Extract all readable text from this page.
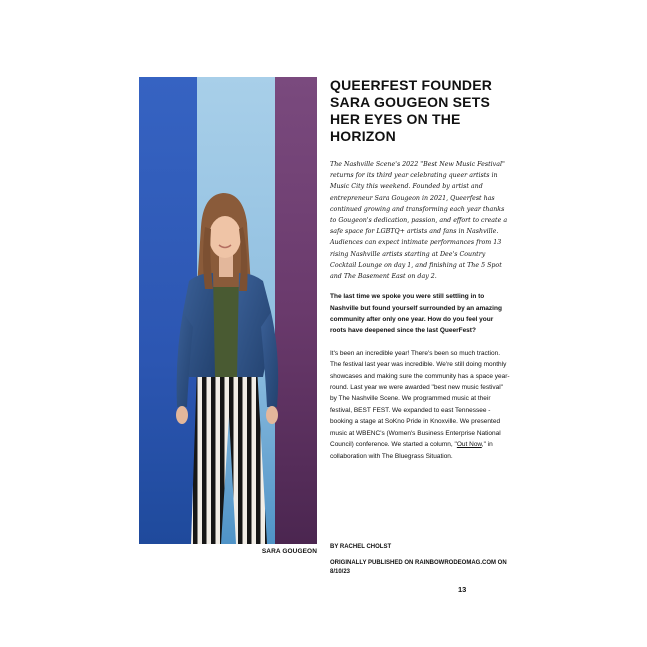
SARA GOUGEON
QUEERFEST FOUNDER SARA GOUGEON SETS HER EYES ON THE HORIZON

The Nashville Scene's 2022 "Best New Music Festival" returns for its third year celebrating queer artists in Music City this weekend. Founded by artist and entrepreneur Sara Gougeon in 2021, Queerfest has continued growing and transforming each year thanks to Gougeon's dedication, passion, and effort to create a safe space for LGBTQ+ artists and fans in Nashville. Audiences can expect intimate performances from 13 rising Nashville artists starting at Dee's Country Cocktail Lounge on day 1, and finishing at The 5 Spot and The Basement East on day 2.

The last time we spoke you were still settling in to Nashville but found yourself surrounded by an amazing community after only one year. How do you feel your roots have deepened since the last QueerFest?

It's been an incredible year! There's been so much traction. The festival last year was incredible. We're still doing monthly showcases and making sure the community has a space year-round. Last year we were awarded "best new music festival" by The Nashville Scene. We programmed music at their festival, BEST FEST. We expanded to east Tennessee - booking a stage at SoKno Pride in Knoxville. We presented music at WBENC's (Women's Business Enterprise National Council) conference. We started a column, "Out Now," in collaboration with The Bluegrass Situation.

BY RACHEL CHOLST
ORIGINALLY PUBLISHED ON RAINBOWRODEOMAG.COM ON 8/10/23
13
